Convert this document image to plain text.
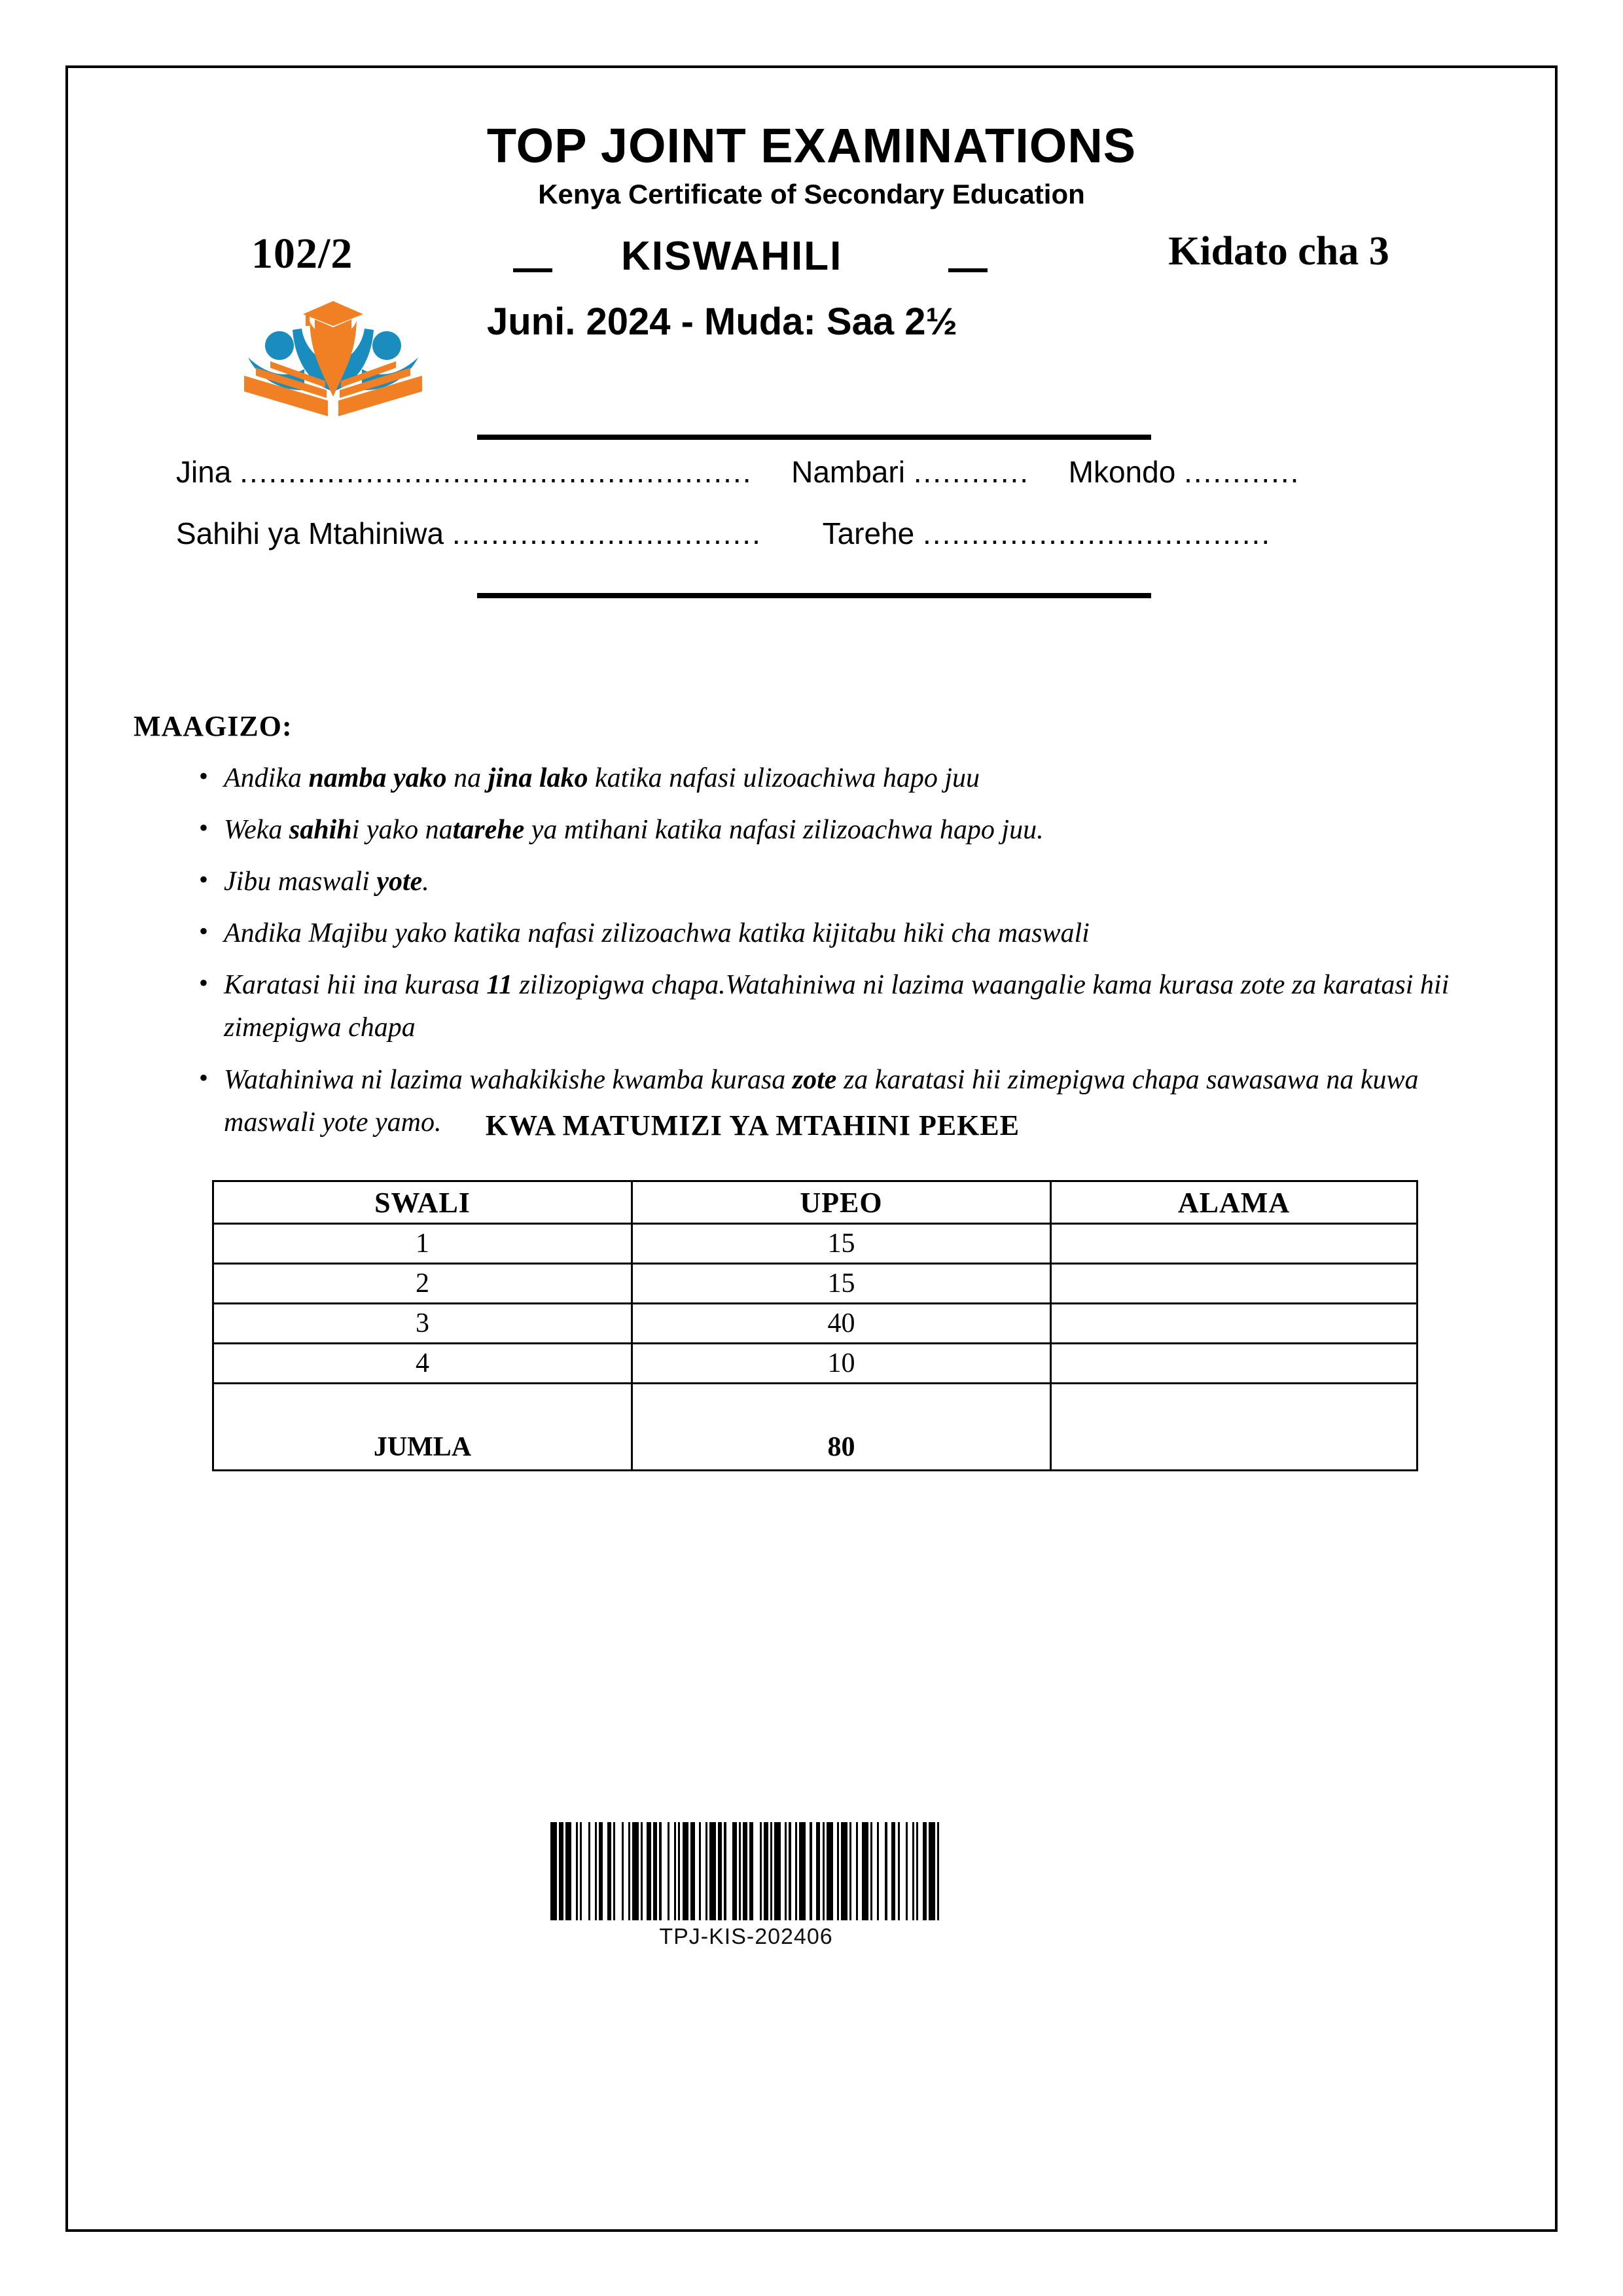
TOP JOINT EXAMINATIONS
Kenya Certificate of Secondary Education
102/2	— KISWAHILI	—	Kidato cha 3
Juni. 2024 - Muda: Saa 2½
Jina ..................................................... Nambari ............ Mkondo ............
Sahihi ya Mtahiniwa ................................ Tarehe ....................................
MAAGIZO:
• Andika namba yako na jina lako katika nafasi ulizoachiwa hapo juu
• Weka sahihi yako natarehe ya mtihani katika nafasi zilizoachwa hapo juu.
• Jibu maswali yote.
• Andika Majibu yako katika nafasi zilizoachwa katika kijitabu hiki cha maswali
• Karatasi hii ina kurasa 11 zilizopigwa chapa.Watahiniwa ni lazima waangalie kama kurasa zote za karatasi hii zimepigwa chapa
• Watahiniwa ni lazima wahakikishe kwamba kurasa zote za karatasi hii zimepigwa chapa sawasawa na kuwa maswali yote yamo.	KWA MATUMIZI YA MTAHINI PEKEE
SWALI	UPEO	ALAMA
1	15	
2	15	
3	40	
4	10	
JUMLA	80	
TPJ-KIS-202406
